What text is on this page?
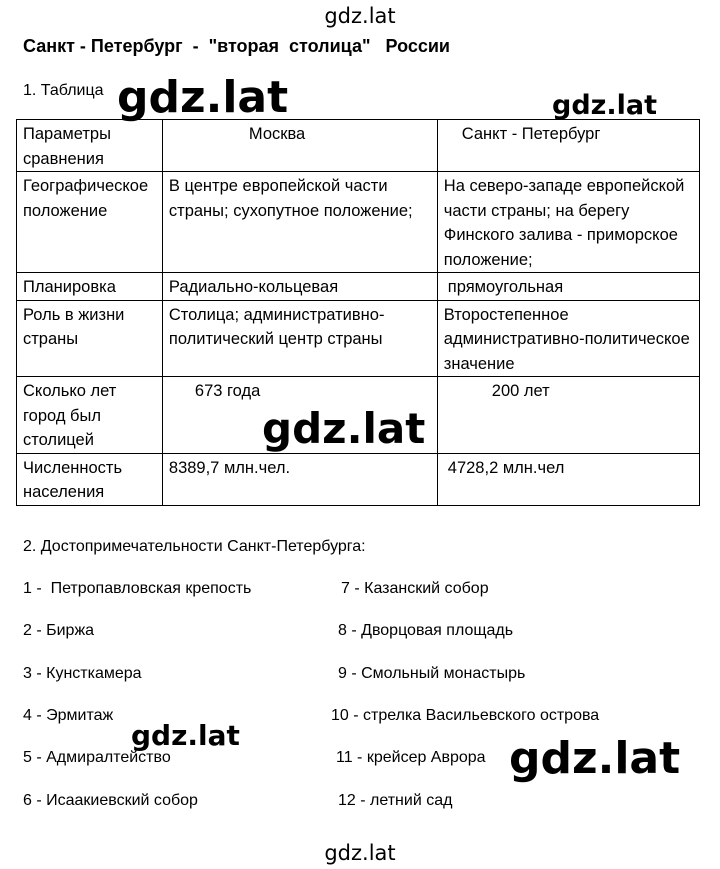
gdz.lat
Санкт - Петербург  -  "вторая  столица"   России
1. Таблица
Параметры сравнения	Москва	Санкт - Петербург
Географическое положение	В центре европейской части страны; сухопутное положение;	На северо-западе европейской части страны; на берегу Финского залива - приморское положение;
Планировка	Радиально-кольцевая	прямоугольная
Роль в жизни страны	Столица; административно-политический центр страны	Второстепенное административно-политическое значение
Сколько лет город был столицей	673 года	200 лет
Численность населения	8389,7 млн.чел.	4728,2 млн.чел
2. Достопримечательности Санкт-Петербурга:
1 -  Петропавловская крепость
2 - Биржа
3 - Кунсткамера
4 - Эрмитаж
5 - Адмиралтейство
6 - Исаакиевский собор
7 - Казанский собор
8 - Дворцовая площадь
9 - Смольный монастырь
10 - стрелка Васильевского острова
11 - крейсер Аврора
12 - летний сад
gdz.lat	gdz.lat
gdz.lat
gdz.lat	gdz.lat
gdz.lat
